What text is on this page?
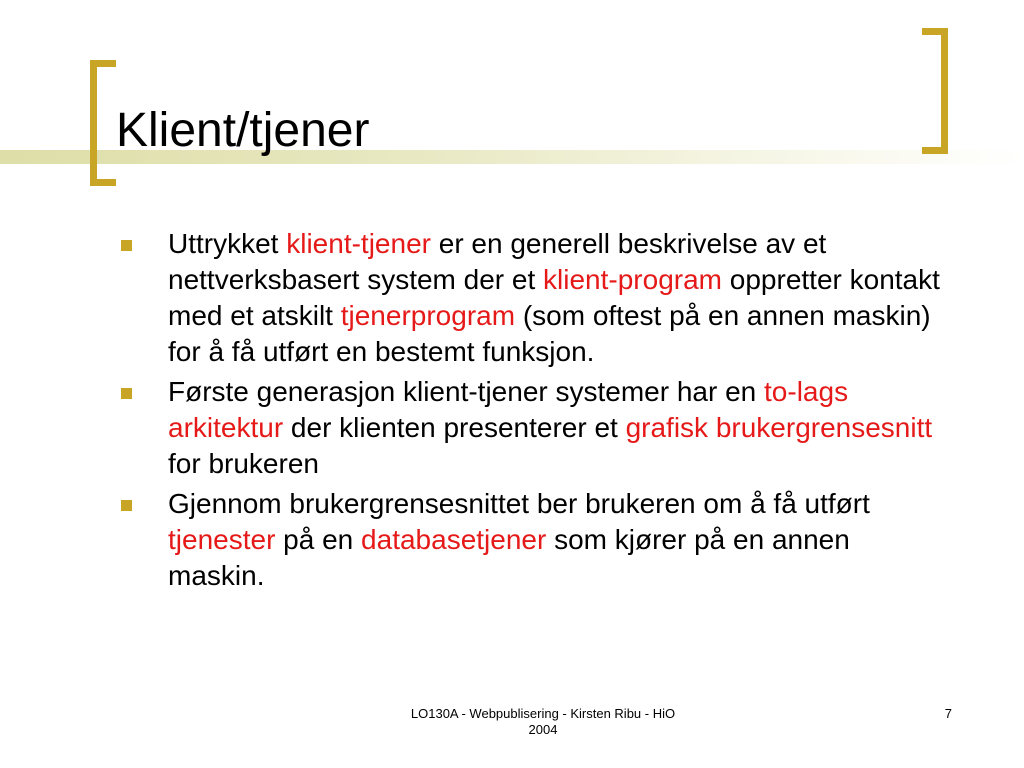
Klient/tjener
Uttrykket klient-tjener er en generell beskrivelse av et nettverksbasert system der et klient-program oppretter kontakt med et atskilt tjenerprogram (som oftest på en annen maskin) for å få utført en bestemt funksjon.
Første generasjon klient-tjener systemer har en to-lags arkitektur der klienten presenterer et grafisk brukergrensesnitt for brukeren
Gjennom brukergrensesnittet ber brukeren om å få utført tjenester på en databasetjener som kjører på en annen maskin.
LO130A - Webpublisering - Kirsten Ribu - HiO
2004
7
